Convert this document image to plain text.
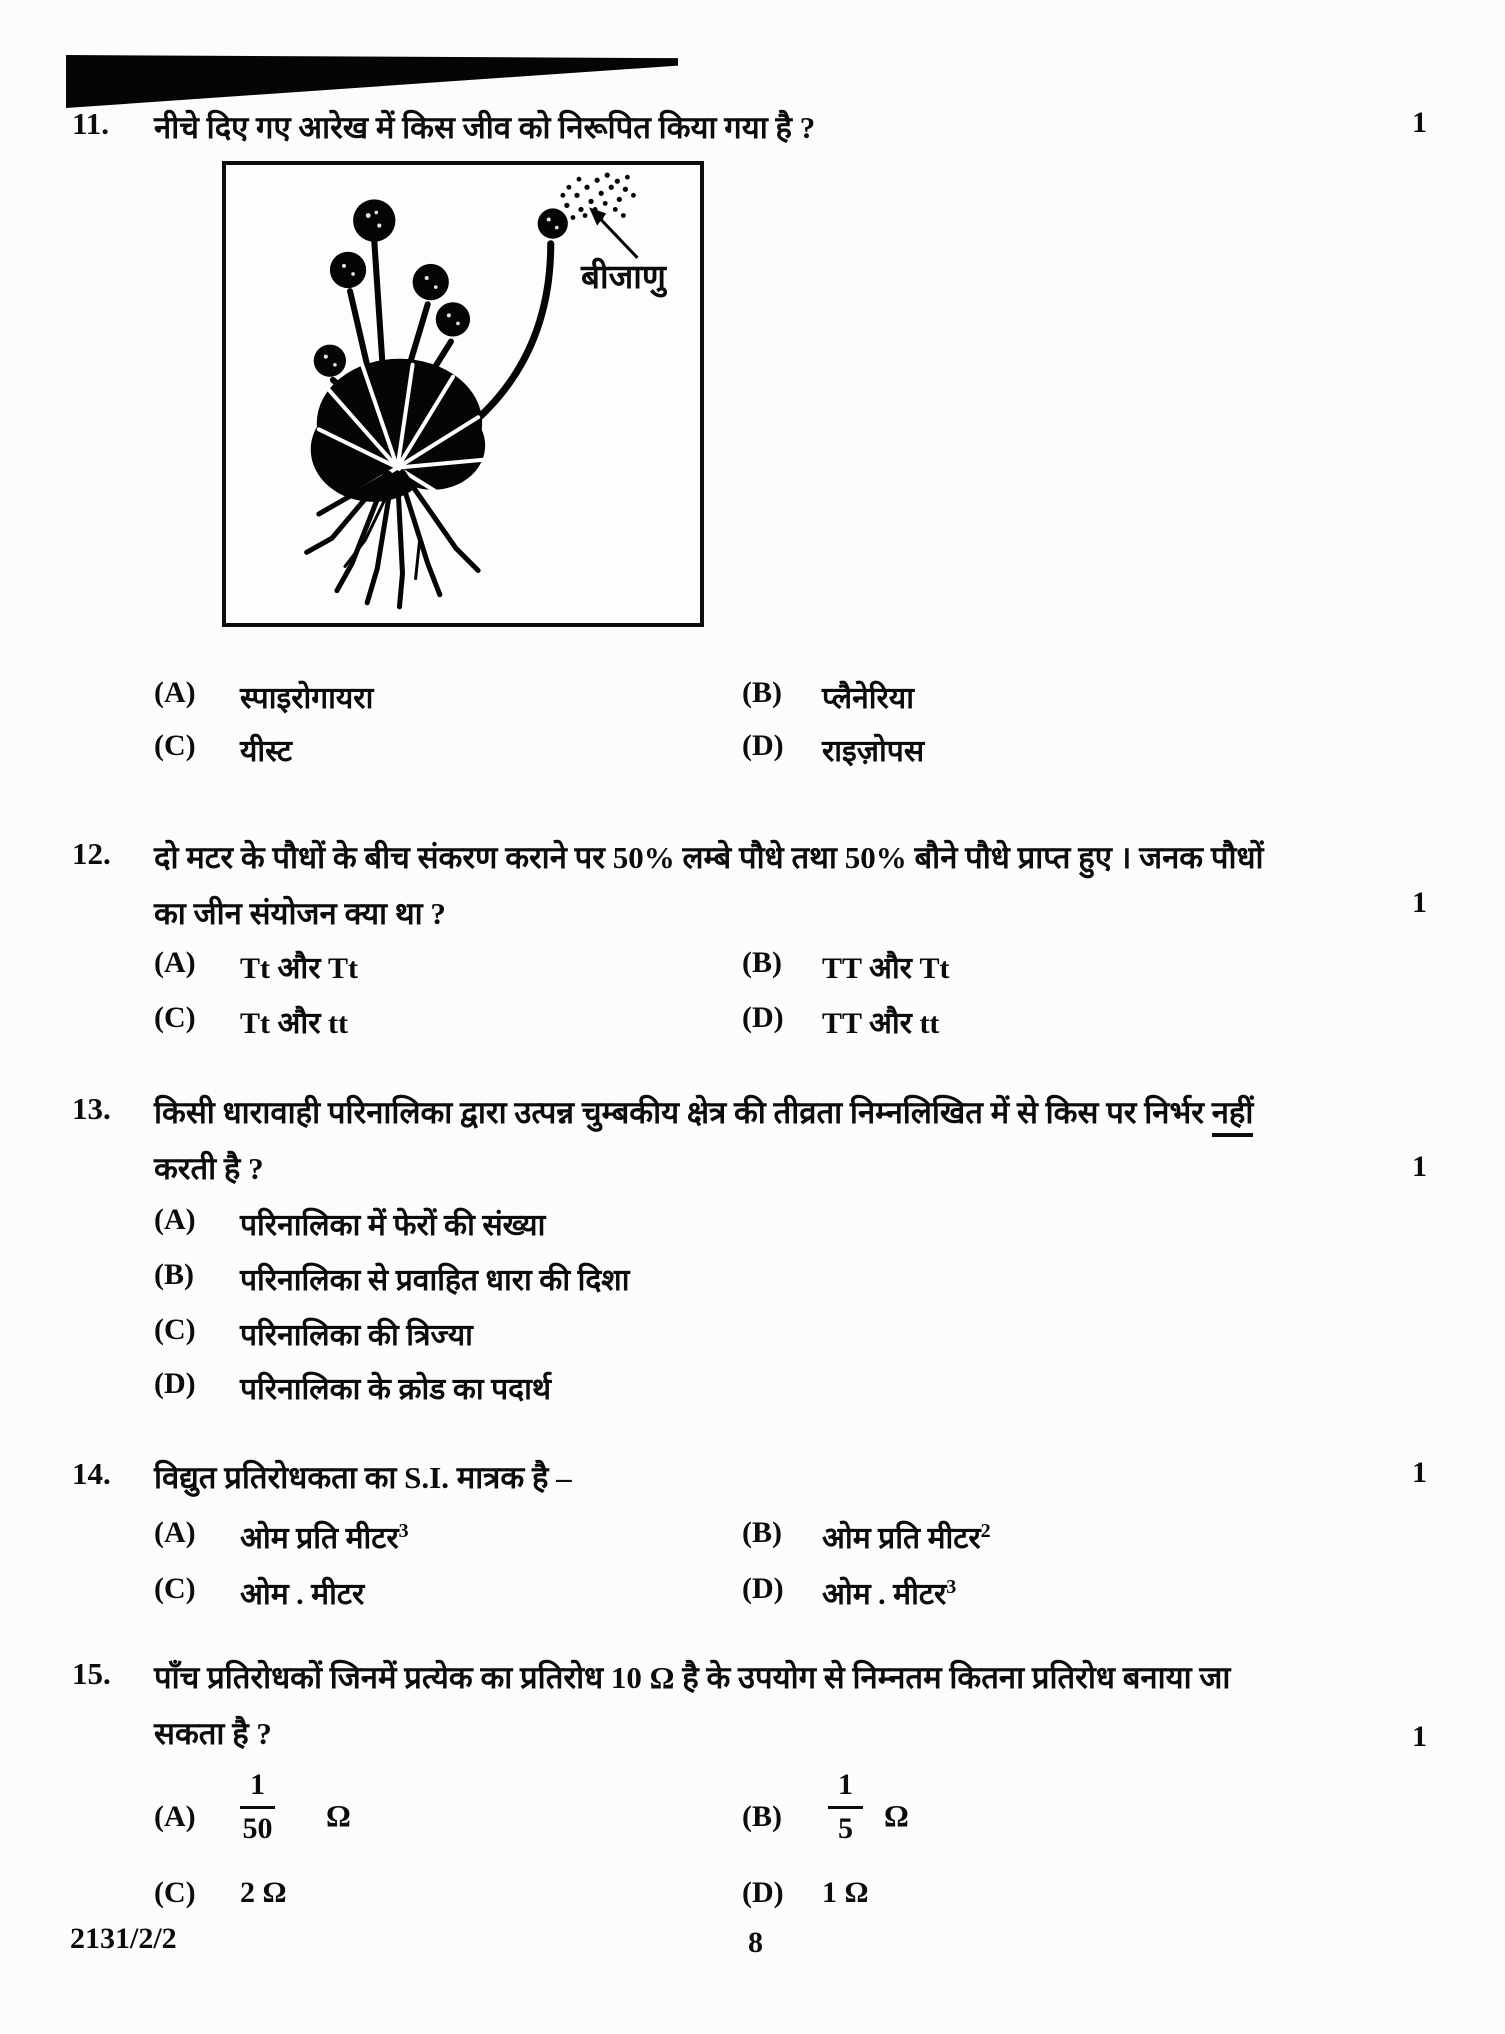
11. नीचे दिए गए आरेख में किस जीव को निरूपित किया गया है ?	1
बीजाणु
(A) स्पाइरोगायरा	(B) प्लैनेरिया
(C) यीस्ट	(D) राइज़ोपस
12. दो मटर के पौधों के बीच संकरण कराने पर 50% लम्बे पौधे तथा 50% बौने पौधे प्राप्त हुए । जनक पौधों
का जीन संयोजन क्या था ?	1
(A) Tt और Tt	(B) TT और Tt
(C) Tt और tt	(D) TT और tt
13. किसी धारावाही परिनालिका द्वारा उत्पन्न चुम्बकीय क्षेत्र की तीव्रता निम्नलिखित में से किस पर निर्भर नहीं
करती है ?	1
(A) परिनालिका में फेरों की संख्या
(B) परिनालिका से प्रवाहित धारा की दिशा
(C) परिनालिका की त्रिज्या
(D) परिनालिका के क्रोड का पदार्थ
14. विद्युत प्रतिरोधकता का S.I. मात्रक है –	1
(A) ओम प्रति मीटर$^3$	(B) ओम प्रति मीटर$^2$
(C) ओम . मीटर	(D) ओम . मीटर$^3$
15. पाँच प्रतिरोधकों जिनमें प्रत्येक का प्रतिरोध 10 Ω है के उपयोग से निम्नतम कितना प्रतिरोध बनाया जा
सकता है ?	1
$(A) \frac{1}{50}$ Ω	$(B) \frac{1}{5}$ Ω
(C) 2 Ω	(D) 1 Ω
2131/2/2	8
